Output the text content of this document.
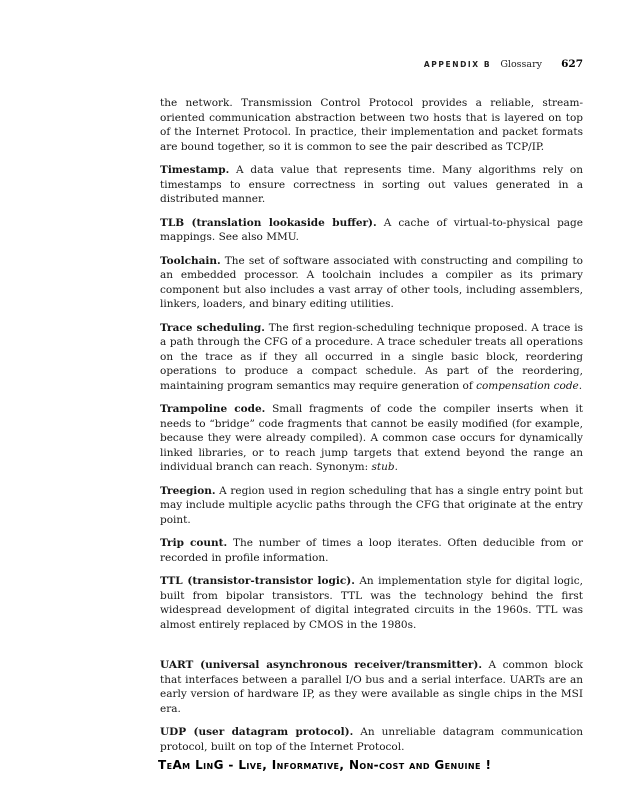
APPENDIX B Glossary 627

the network. Transmission Control Protocol provides a reliable, stream-oriented communication abstraction between two hosts that is layered on top of the Internet Protocol. In practice, their implementation and packet formats are bound together, so it is common to see the pair described as TCP/IP.

Timestamp. A data value that represents time. Many algorithms rely on timestamps to ensure correctness in sorting out values generated in a distributed manner.

TLB (translation lookaside buffer). A cache of virtual-to-physical page mappings. See also MMU.

Toolchain. The set of software associated with constructing and compiling to an embedded processor. A toolchain includes a compiler as its primary component but also includes a vast array of other tools, including assemblers, linkers, loaders, and binary editing utilities.

Trace scheduling. The first region-scheduling technique proposed. A trace is a path through the CFG of a procedure. A trace scheduler treats all operations on the trace as if they all occurred in a single basic block, reordering operations to produce a compact schedule. As part of the reordering, maintaining program semantics may require generation of compensation code.

Trampoline code. Small fragments of code the compiler inserts when it needs to “bridge” code fragments that cannot be easily modified (for example, because they were already compiled). A common case occurs for dynamically linked libraries, or to reach jump targets that extend beyond the range an individual branch can reach. Synonym: stub.

Treegion. A region used in region scheduling that has a single entry point but may include multiple acyclic paths through the CFG that originate at the entry point.

Trip count. The number of times a loop iterates. Often deducible from or recorded in profile information.

TTL (transistor-transistor logic). An implementation style for digital logic, built from bipolar transistors. TTL was the technology behind the first widespread development of digital integrated circuits in the 1960s. TTL was almost entirely replaced by CMOS in the 1980s.

UART (universal asynchronous receiver/transmitter). A common block that interfaces between a parallel I/O bus and a serial interface. UARTs are an early version of hardware IP, as they were available as single chips in the MSI era.

UDP (user datagram protocol). An unreliable datagram communication protocol, built on top of the Internet Protocol.

TeAm LinG - Live, Informative, Non-cost and Genuine !
